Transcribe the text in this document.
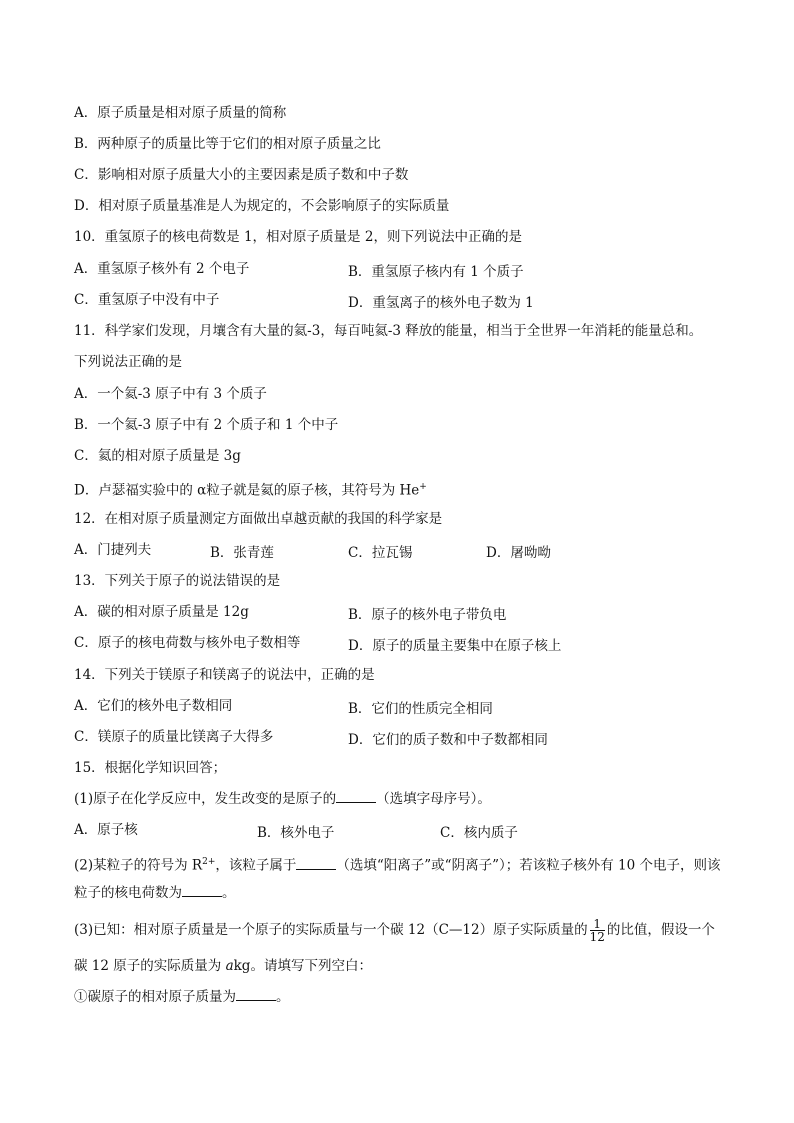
A．原子质量是相对原子质量的简称
B．两种原子的质量比等于它们的相对原子质量之比
C．影响相对原子质量大小的主要因素是质子数和中子数
D．相对原子质量基准是人为规定的，不会影响原子的实际质量
10．重氢原子的核电荷数是 1，相对原子质量是 2，则下列说法中正确的是
A．重氢原子核外有 2 个电子	B．重氢原子核内有 1 个质子
C．重氢原子中没有中子	D．重氢离子的核外电子数为 1
11．科学家们发现，月壤含有大量的氦-3，每百吨氦-3 释放的能量，相当于全世界一年消耗的能量总和。
下列说法正确的是
A．一个氦-3 原子中有 3 个质子
B．一个氦-3 原子中有 2 个质子和 1 个中子
C．氦的相对原子质量是 3g
D．卢瑟福实验中的 α粒子就是氦的原子核，其符号为 He+
12．在相对原子质量测定方面做出卓越贡献的我国的科学家是
A．门捷列夫	B．张青莲	C．拉瓦锡	D．屠呦呦
13．下列关于原子的说法错误的是
A．碳的相对原子质量是 12g	B．原子的核外电子带负电
C．原子的核电荷数与核外电子数相等	D．原子的质量主要集中在原子核上
14．下列关于镁原子和镁离子的说法中，正确的是
A．它们的核外电子数相同	B．它们的性质完全相同
C．镁原子的质量比镁离子大得多	D．它们的质子数和中子数都相同
15．根据化学知识回答；
(1)原子在化学反应中，发生改变的是原子的	（选填字母序号）。
A．原子核	B．核外电子	C．核内质子
(2)某粒子的符号为 $R^{2+}$，该粒子属于	（选填“阳离子”或“阴离子”）；若该粒子核外有 10 个电子，则该
粒子的核电荷数为	。
(3)已知：相对原子质量是一个原子的实际质量与一个碳 12（C—12）原子实际质量的 $\frac{1}{12}$ 的比值，假设一个
碳 12 原子的实际质量为 akg。请填写下列空白：
①碳原子的相对原子质量为	。
